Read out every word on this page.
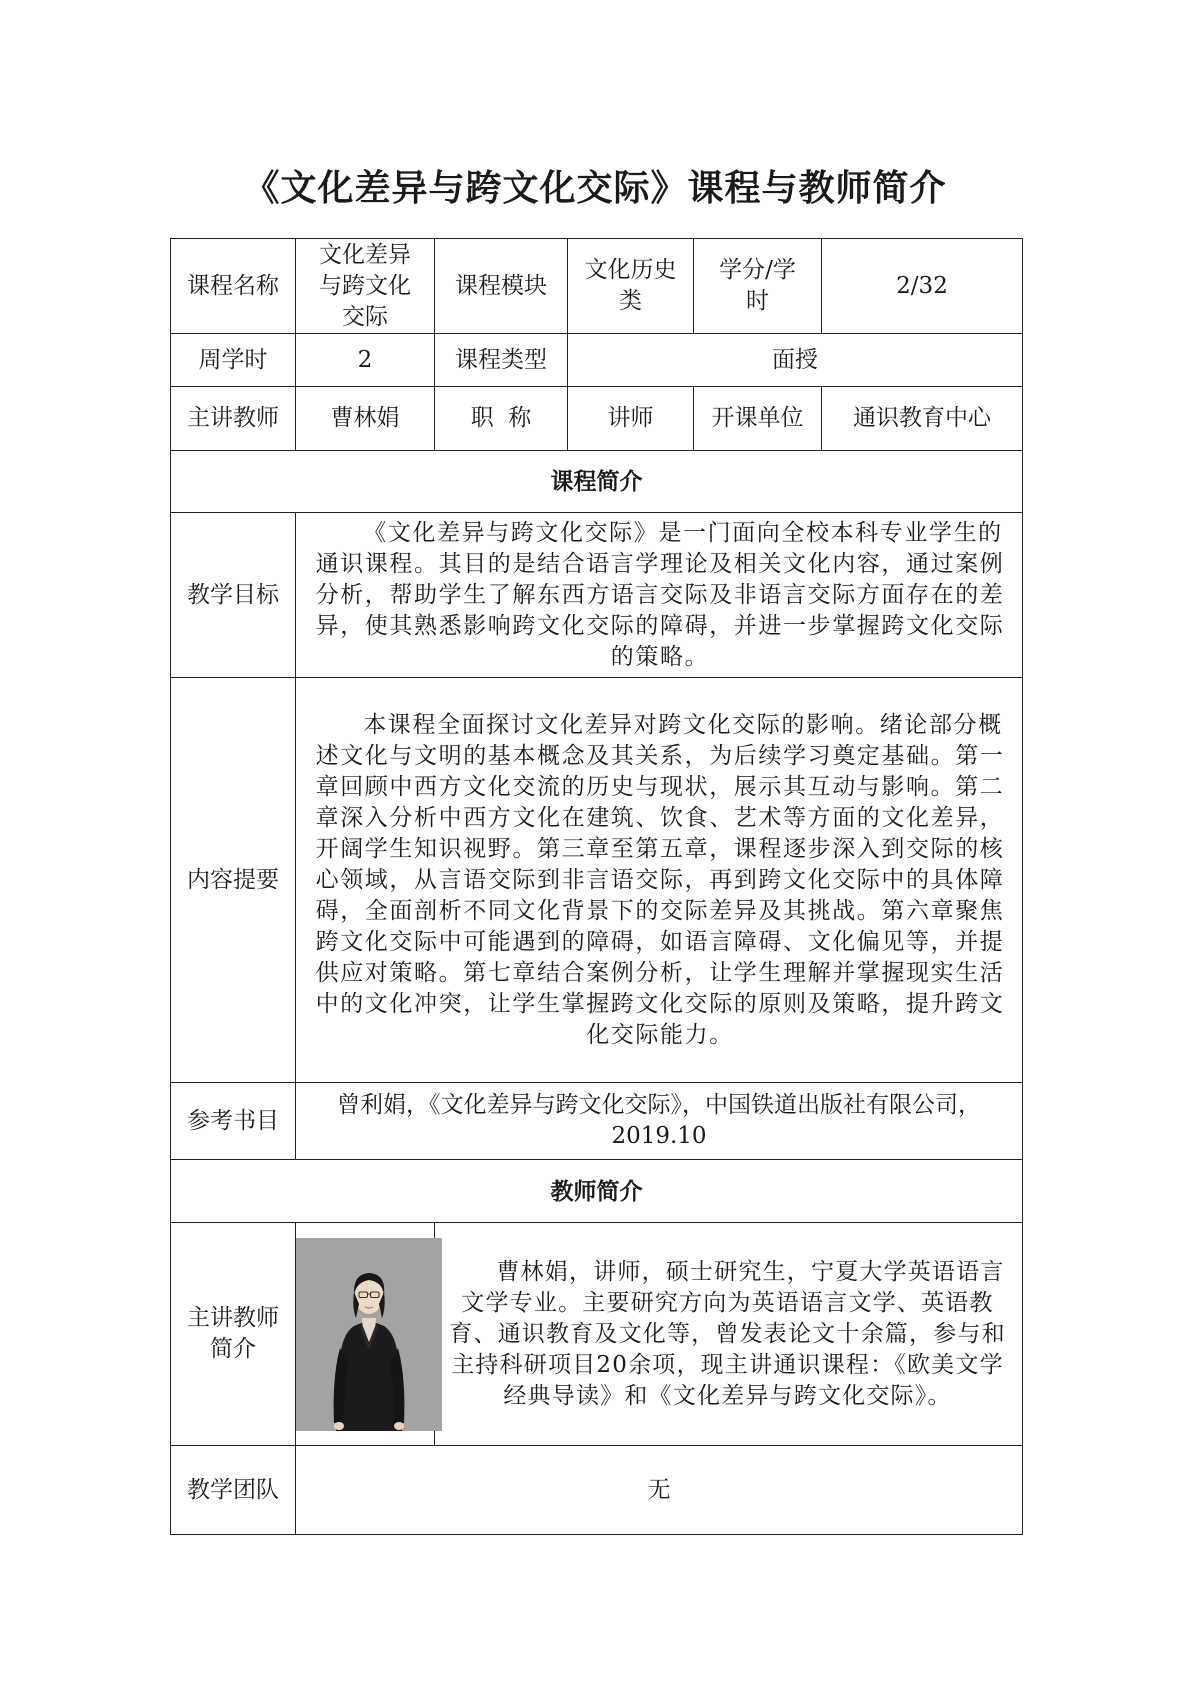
《文化差异与跨文化交际》课程与教师简介
课程名称	文化差异与跨文化交际	课程模块	文化历史类	学分/学时	2/32
周学时	2	课程类型	面授		
主讲教师	曹林娟	职  称	讲师	开课单位	通识教育中心
课程简介					
教学目标	《文化差异与跨文化交际》是一门面向全校本科专业学生的通识课程。其目的是结合语言学理论及相关文化内容，通过案例分析，帮助学生了解东西方语言交际及非语言交际方面存在的差异，使其熟悉影响跨文化交际的障碍，并进一步掌握跨文化交际的策略。				
内容提要	本课程全面探讨文化差异对跨文化交际的影响。绪论部分概述文化与文明的基本概念及其关系，为后续学习奠定基础。第一章回顾中西方文化交流的历史与现状，展示其互动与影响。第二章深入分析中西方文化在建筑、饮食、艺术等方面的文化差异，开阔学生知识视野。第三章至第五章，课程逐步深入到交际的核心领域，从言语交际到非言语交际，再到跨文化交际中的具体障碍，全面剖析不同文化背景下的交际差异及其挑战。第六章聚焦跨文化交际中可能遇到的障碍，如语言障碍、文化偏见等，并提供应对策略。第七章结合案例分析，让学生理解并掌握现实生活中的文化冲突，让学生掌握跨文化交际的原则及策略，提升跨文化交际能力。				
参考书目	曾利娟，《文化差异与跨文化交际》，中国铁道出版社有限公司，2019.10				
教师简介					
主讲教师简介		曹林娟，讲师，硕士研究生，宁夏大学英语语言文学专业。主要研究方向为英语语言文学、英语教育、通识教育及文化等，曾发表论文十余篇，参与和主持科研项目20余项，现主讲通识课程：《欧美文学经典导读》和《文化差异与跨文化交际》。			
教学团队	无				
